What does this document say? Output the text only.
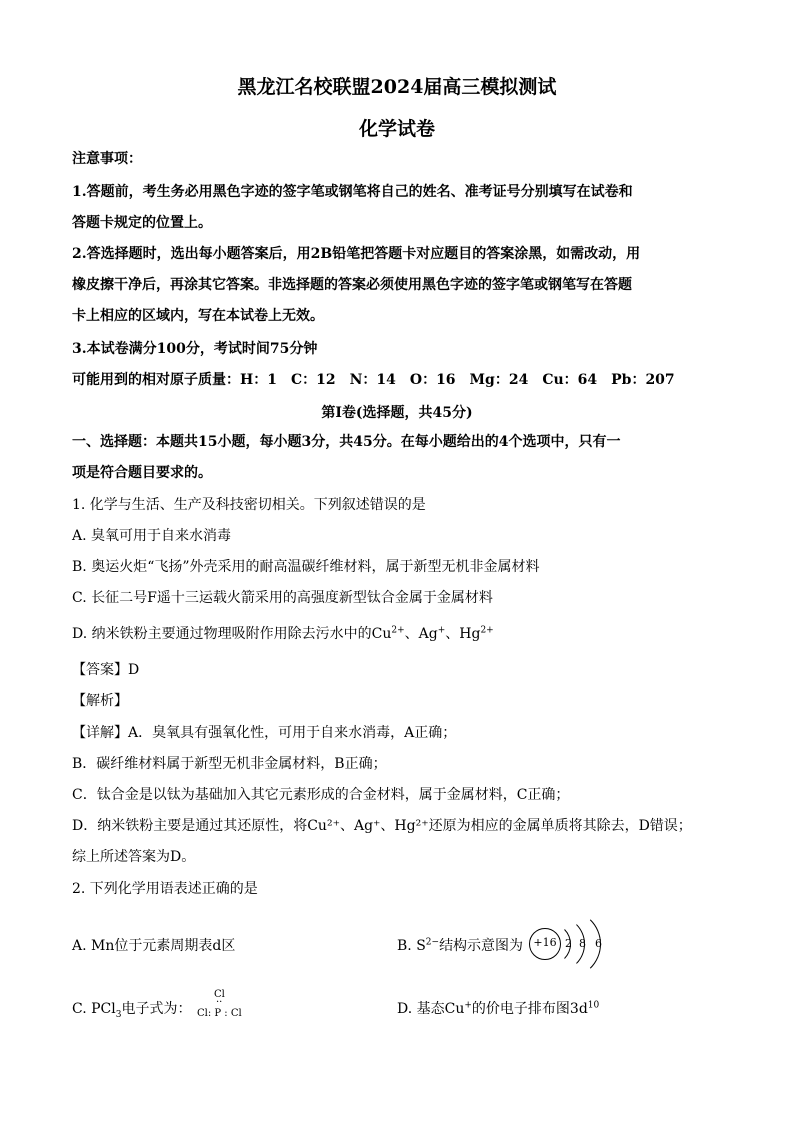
黑龙江名校联盟2024届高三模拟测试
化学试卷
注意事项：
1.答题前，考生务必用黑色字迹的签字笔或钢笔将自己的姓名、准考证号分别填写在试卷和
答题卡规定的位置上。
2.答选择题时，选出每小题答案后，用2B铅笔把答题卡对应题目的答案涂黑，如需改动，用
橡皮擦干净后，再涂其它答案。非选择题的答案必须使用黑色字迹的签字笔或钢笔写在答题
卡上相应的区域内，写在本试卷上无效。
3.本试卷满分100分，考试时间75分钟
可能用到的相对原子质量：H：1　C：12　N：14　O：16　Mg：24　Cu：64　Pb：207
第Ⅰ卷(选择题，共45分)
一、选择题：本题共15小题，每小题3分，共45分。在每小题给出的4个选项中，只有一
项是符合题目要求的。
1. 化学与生活、生产及科技密切相关。下列叙述错误的是
A. 臭氧可用于自来水消毒
B. 奥运火炬“飞扬”外壳采用的耐高温碳纤维材料，属于新型无机非金属材料
C. 长征二号F遥十三运载火箭采用的高强度新型钛合金属于金属材料
D. 纳米铁粉主要通过物理吸附作用除去污水中的$Cu^{2+}$、Ag+、$Hg^{2+}$
【答案】D
【解析】
【详解】A．臭氧具有强氧化性，可用于自来水消毒，A正确；
B．碳纤维材料属于新型无机非金属材料，B正确；
C．钛合金是以钛为基础加入其它元素形成的合金材料，属于金属材料，C正确；
D．纳米铁粉主要是通过其还原性，将Cu²⁺、Ag⁺、Hg²⁺还原为相应的金属单质将其除去，D错误；
综上所述答案为D。
2. 下列化学用语表述正确的是
A. Mn位于元素周期表d区	B. $S^{2-}$结构示意图为 +16 2 8 6
C. PCl$_3$电子式为：
Cl
··
Cl: P : Cl	D. 基态Cu+的价电子排布图$3d^{10}$
